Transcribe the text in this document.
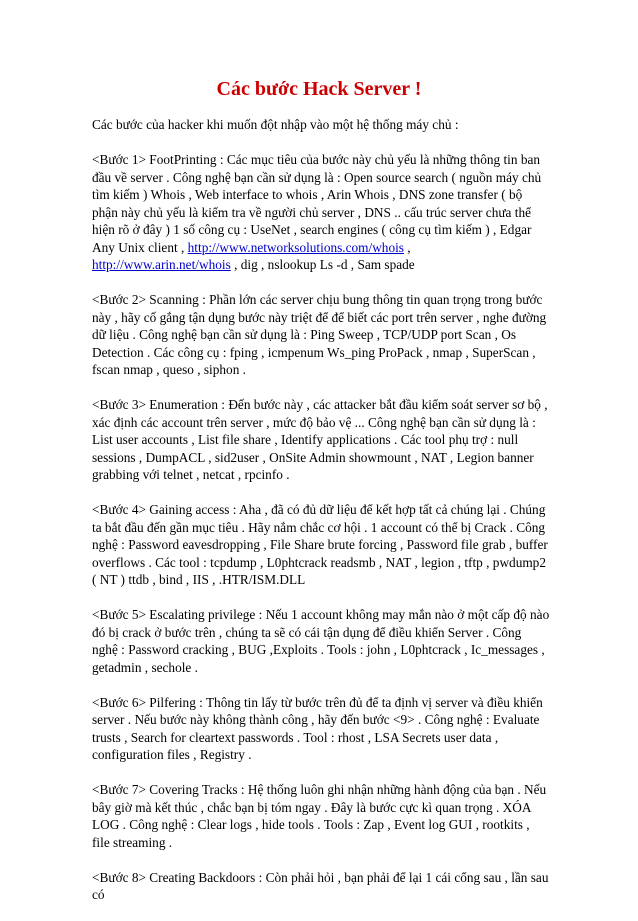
Các bước Hack Server !

Các bước của hacker khi muốn đột nhập vào một hệ thống máy chủ :

<Bước 1> FootPrinting : Các mục tiêu của bước này chủ yếu là những thông tin ban đầu về server . Công nghệ bạn cần sử dụng là : Open source search ( nguồn máy chủ tìm kiếm ) Whois , Web interface to whois , Arin Whois , DNS zone transfer ( bộ phận này chủ yếu là kiểm tra về người chủ server , DNS .. cấu trúc server chưa thể hiện rõ ở đây ) 1 số công cụ : UseNet , search engines ( công cụ tìm kiếm ) , Edgar Any Unix client , http://www.networksolutions.com/whois , http://www.arin.net/whois , dig , nslookup Ls -d , Sam spade

<Bước 2> Scanning : Phần lớn các server chịu bung thông tin quan trọng trong bước này , hãy cố gắng tận dụng bước này triệt để để biết các port trên server , nghe đường dữ liệu . Công nghệ bạn cần sử dụng là : Ping Sweep , TCP/UDP port Scan , Os Detection . Các công cụ : fping , icmpenum Ws_ping ProPack , nmap , SuperScan , fscan nmap , queso , siphon .

<Bước 3> Enumeration : Đến bước này , các attacker bắt đầu kiểm soát server sơ bộ , xác định các account trên server , mức độ bảo vệ ... Công nghệ bạn cần sử dụng là : List user accounts , List file share , Identify applications . Các tool phụ trợ : null sessions , DumpACL , sid2user , OnSite Admin showmount , NAT , Legion banner grabbing với telnet , netcat , rpcinfo .

<Bước 4> Gaining access : Aha , đã có đủ dữ liệu để kết hợp tất cả chúng lại . Chúng ta bắt đầu đến gần mục tiêu . Hãy nắm chắc cơ hội . 1 account có thể bị Crack . Công nghệ : Password eavesdropping , File Share brute forcing , Password file grab , buffer overflows . Các tool : tcpdump , L0phtcrack readsmb , NAT , legion , tftp , pwdump2 ( NT ) ttdb , bind , IIS , .HTR/ISM.DLL

<Bước 5> Escalating privilege : Nếu 1 account không may mắn nào ở một cấp độ nào đó bị crack ở bước trên , chúng ta sẽ có cái tận dụng để điều khiển Server . Công nghệ : Password cracking , BUG ,Exploits . Tools : john , L0phtcrack , Ic_messages , getadmin , sechole .

<Bước 6> Pilfering : Thông tin lấy từ bước trên đủ để ta định vị server và điều khiển server . Nếu bước này không thành công , hãy đến bước <9> . Công nghệ : Evaluate trusts , Search for cleartext passwords . Tool : rhost , LSA Secrets user data , configuration files , Registry .

<Bước 7> Covering Tracks : Hệ thống luôn ghi nhận những hành động của bạn . Nếu bây giờ mà kết thúc , chắc bạn bị tóm ngay . Đây là bước cực kì quan trọng . XÓA LOG . Công nghệ : Clear logs , hide tools . Tools : Zap , Event log GUI , rootkits , file streaming .

<Bước 8> Creating Backdoors : Còn phải hỏi , bạn phải để lại 1 cái cổng sau , lần sau có
